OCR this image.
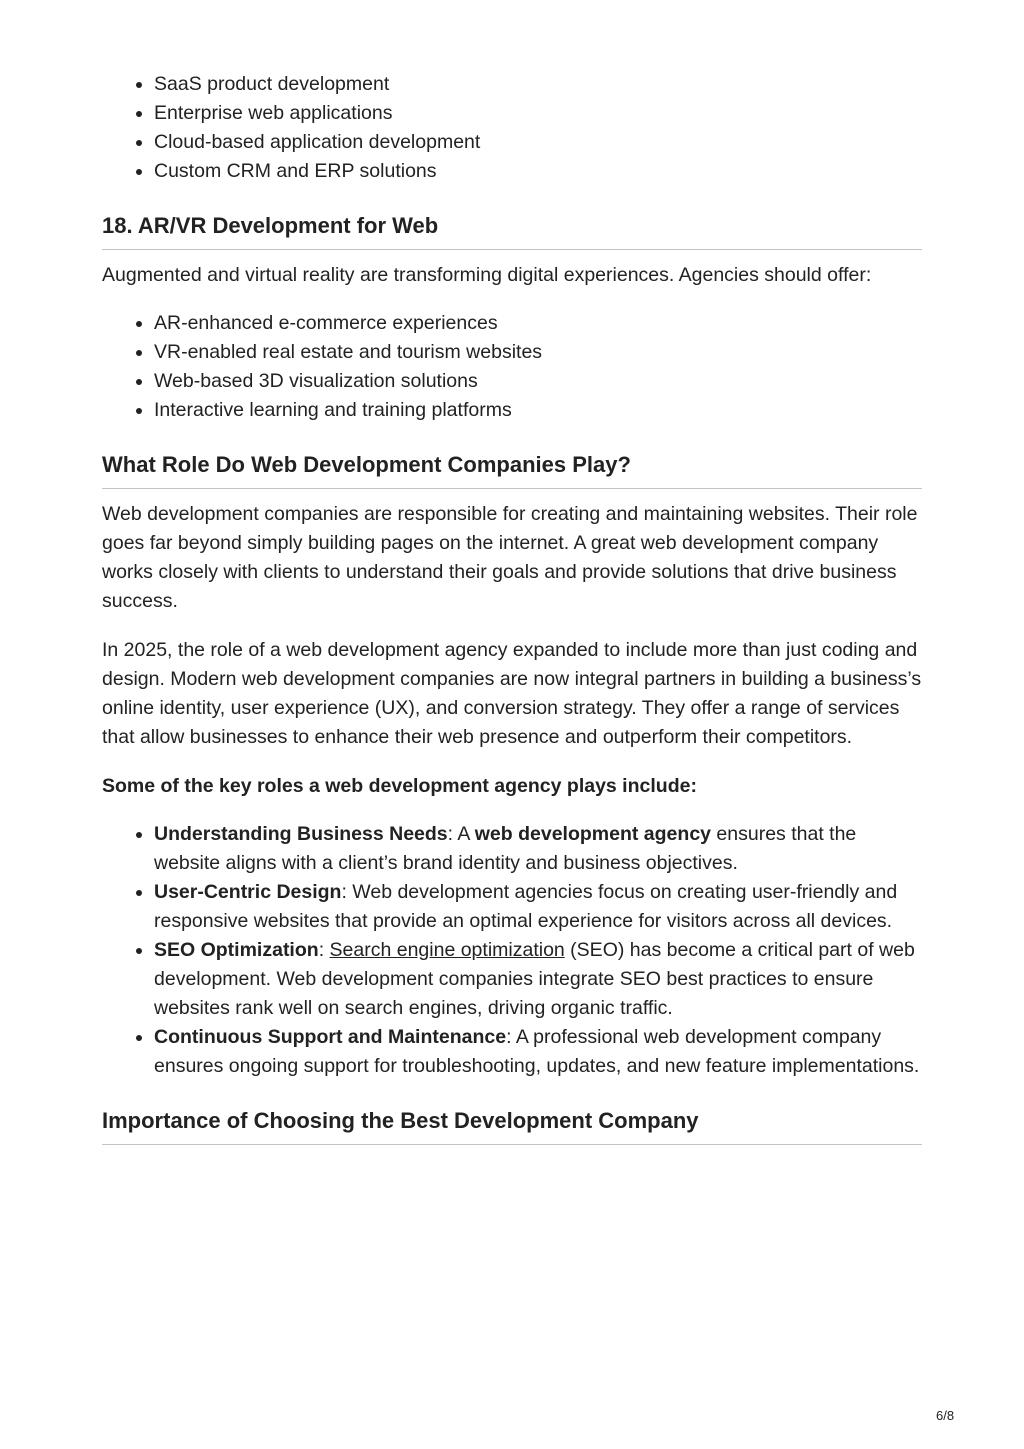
SaaS product development
Enterprise web applications
Cloud-based application development
Custom CRM and ERP solutions
18. AR/VR Development for Web

Augmented and virtual reality are transforming digital experiences. Agencies should offer:

AR-enhanced e-commerce experiences
VR-enabled real estate and tourism websites
Web-based 3D visualization solutions
Interactive learning and training platforms
What Role Do Web Development Companies Play?

Web development companies are responsible for creating and maintaining websites. Their role goes far beyond simply building pages on the internet. A great web development company works closely with clients to understand their goals and provide solutions that drive business success.

In 2025, the role of a web development agency expanded to include more than just coding and design. Modern web development companies are now integral partners in building a business’s online identity, user experience (UX), and conversion strategy. They offer a range of services that allow businesses to enhance their web presence and outperform their competitors.

Some of the key roles a web development agency plays include:

Understanding Business Needs: A web development agency ensures that the website aligns with a client’s brand identity and business objectives.
User-Centric Design: Web development agencies focus on creating user-friendly and responsive websites that provide an optimal experience for visitors across all devices.
SEO Optimization: Search engine optimization (SEO) has become a critical part of web development. Web development companies integrate SEO best practices to ensure websites rank well on search engines, driving organic traffic.
Continuous Support and Maintenance: A professional web development company ensures ongoing support for troubleshooting, updates, and new feature implementations.
Importance of Choosing the Best Development Company
6/8
